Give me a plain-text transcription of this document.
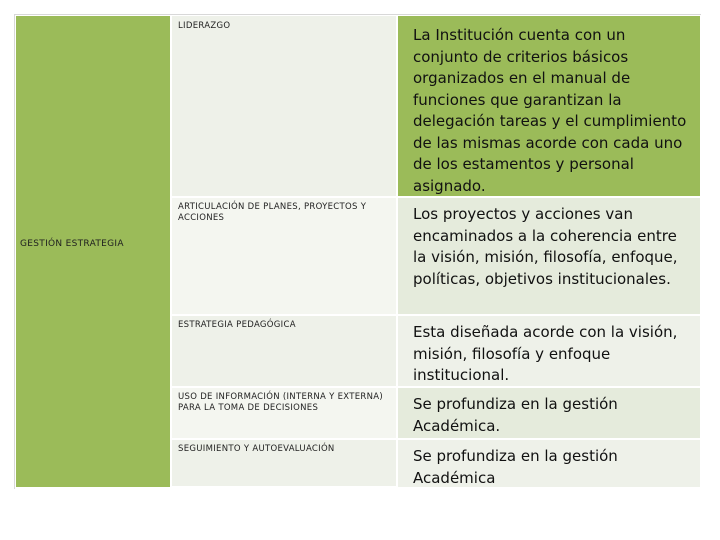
GESTIÓN ESTRATEGIA
LIDERAZGO
ARTICULACIÓN DE PLANES, PROYECTOS Y ACCIONES
ESTRATEGIA PEDAGÓGICA
USO DE INFORMACIÓN (INTERNA Y EXTERNA) PARA LA TOMA DE DECISIONES
SEGUIMIENTO Y AUTOEVALUACIÓN
La Institución cuenta con un conjunto de criterios básicos organizados en el manual de funciones que garantizan la delegación tareas y el cumplimiento de las mismas acorde con cada uno de los estamentos y personal asignado.
Los proyectos y acciones van encaminados a la coherencia entre la visión, misión, filosofía, enfoque, políticas, objetivos institucionales.
Esta diseñada acorde con la visión, misión, filosofía y enfoque institucional.
Se profundiza en la gestión Académica.
Se profundiza en la gestión Académica
